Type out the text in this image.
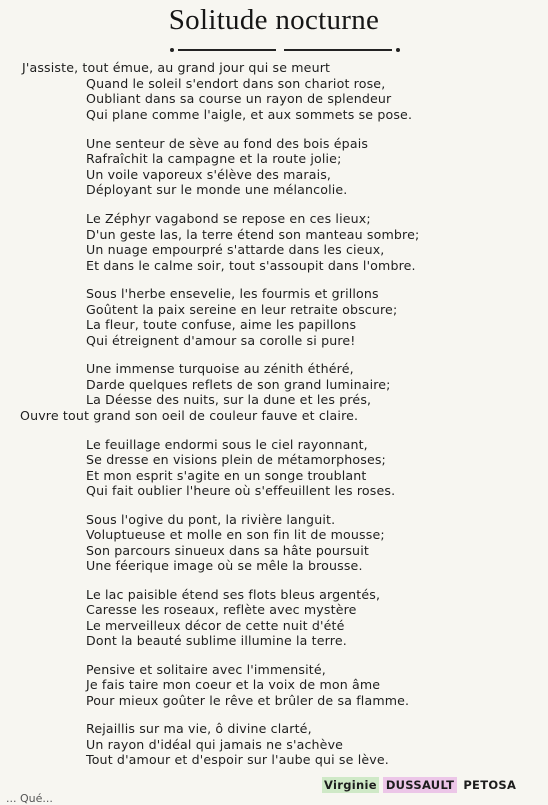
Solitude nocturne
J'assiste, tout émue, au grand jour qui se meurt
Quand le soleil s'endort dans son chariot rose,
Oubliant dans sa course un rayon de splendeur
Qui plane comme l'aigle, et aux sommets se pose.
Une senteur de sève au fond des bois épais
Rafraîchit la campagne et la route jolie;
Un voile vaporeux s'élève des marais,
Déployant sur le monde une mélancolie.
Le Zéphyr vagabond se repose en ces lieux;
D'un geste las, la terre étend son manteau sombre;
Un nuage empourpré s'attarde dans les cieux,
Et dans le calme soir, tout s'assoupit dans l'ombre.
Sous l'herbe ensevelie, les fourmis et grillons
Goûtent la paix sereine en leur retraite obscure;
La fleur, toute confuse, aime les papillons
Qui étreignent d'amour sa corolle si pure!
Une immense turquoise au zénith éthéré,
Darde quelques reflets de son grand luminaire;
La Déesse des nuits, sur la dune et les prés,
Ouvre tout grand son oeil de couleur fauve et claire.
Le feuillage endormi sous le ciel rayonnant,
Se dresse en visions plein de métamorphoses;
Et mon esprit s'agite en un songe troublant
Qui fait oublier l'heure où s'effeuillent les roses.
Sous l'ogive du pont, la rivière languit.
Voluptueuse et molle en son fin lit de mousse;
Son parcours sinueux dans sa hâte poursuit
Une féerique image où se mêle la brousse.
Le lac paisible étend ses flots bleus argentés,
Caresse les roseaux, reflète avec mystère
Le merveilleux décor de cette nuit d'été
Dont la beauté sublime illumine la terre.
Pensive et solitaire avec l'immensité,
Je fais taire mon coeur et la voix de mon âme
Pour mieux goûter le rêve et brûler de sa flamme.
Rejaillis sur ma vie, ô divine clarté,
Un rayon d'idéal qui jamais ne s'achève
Tout d'amour et d'espoir sur l'aube qui se lève.
Virginie DUSSAULT PETOSA
... Qué...
